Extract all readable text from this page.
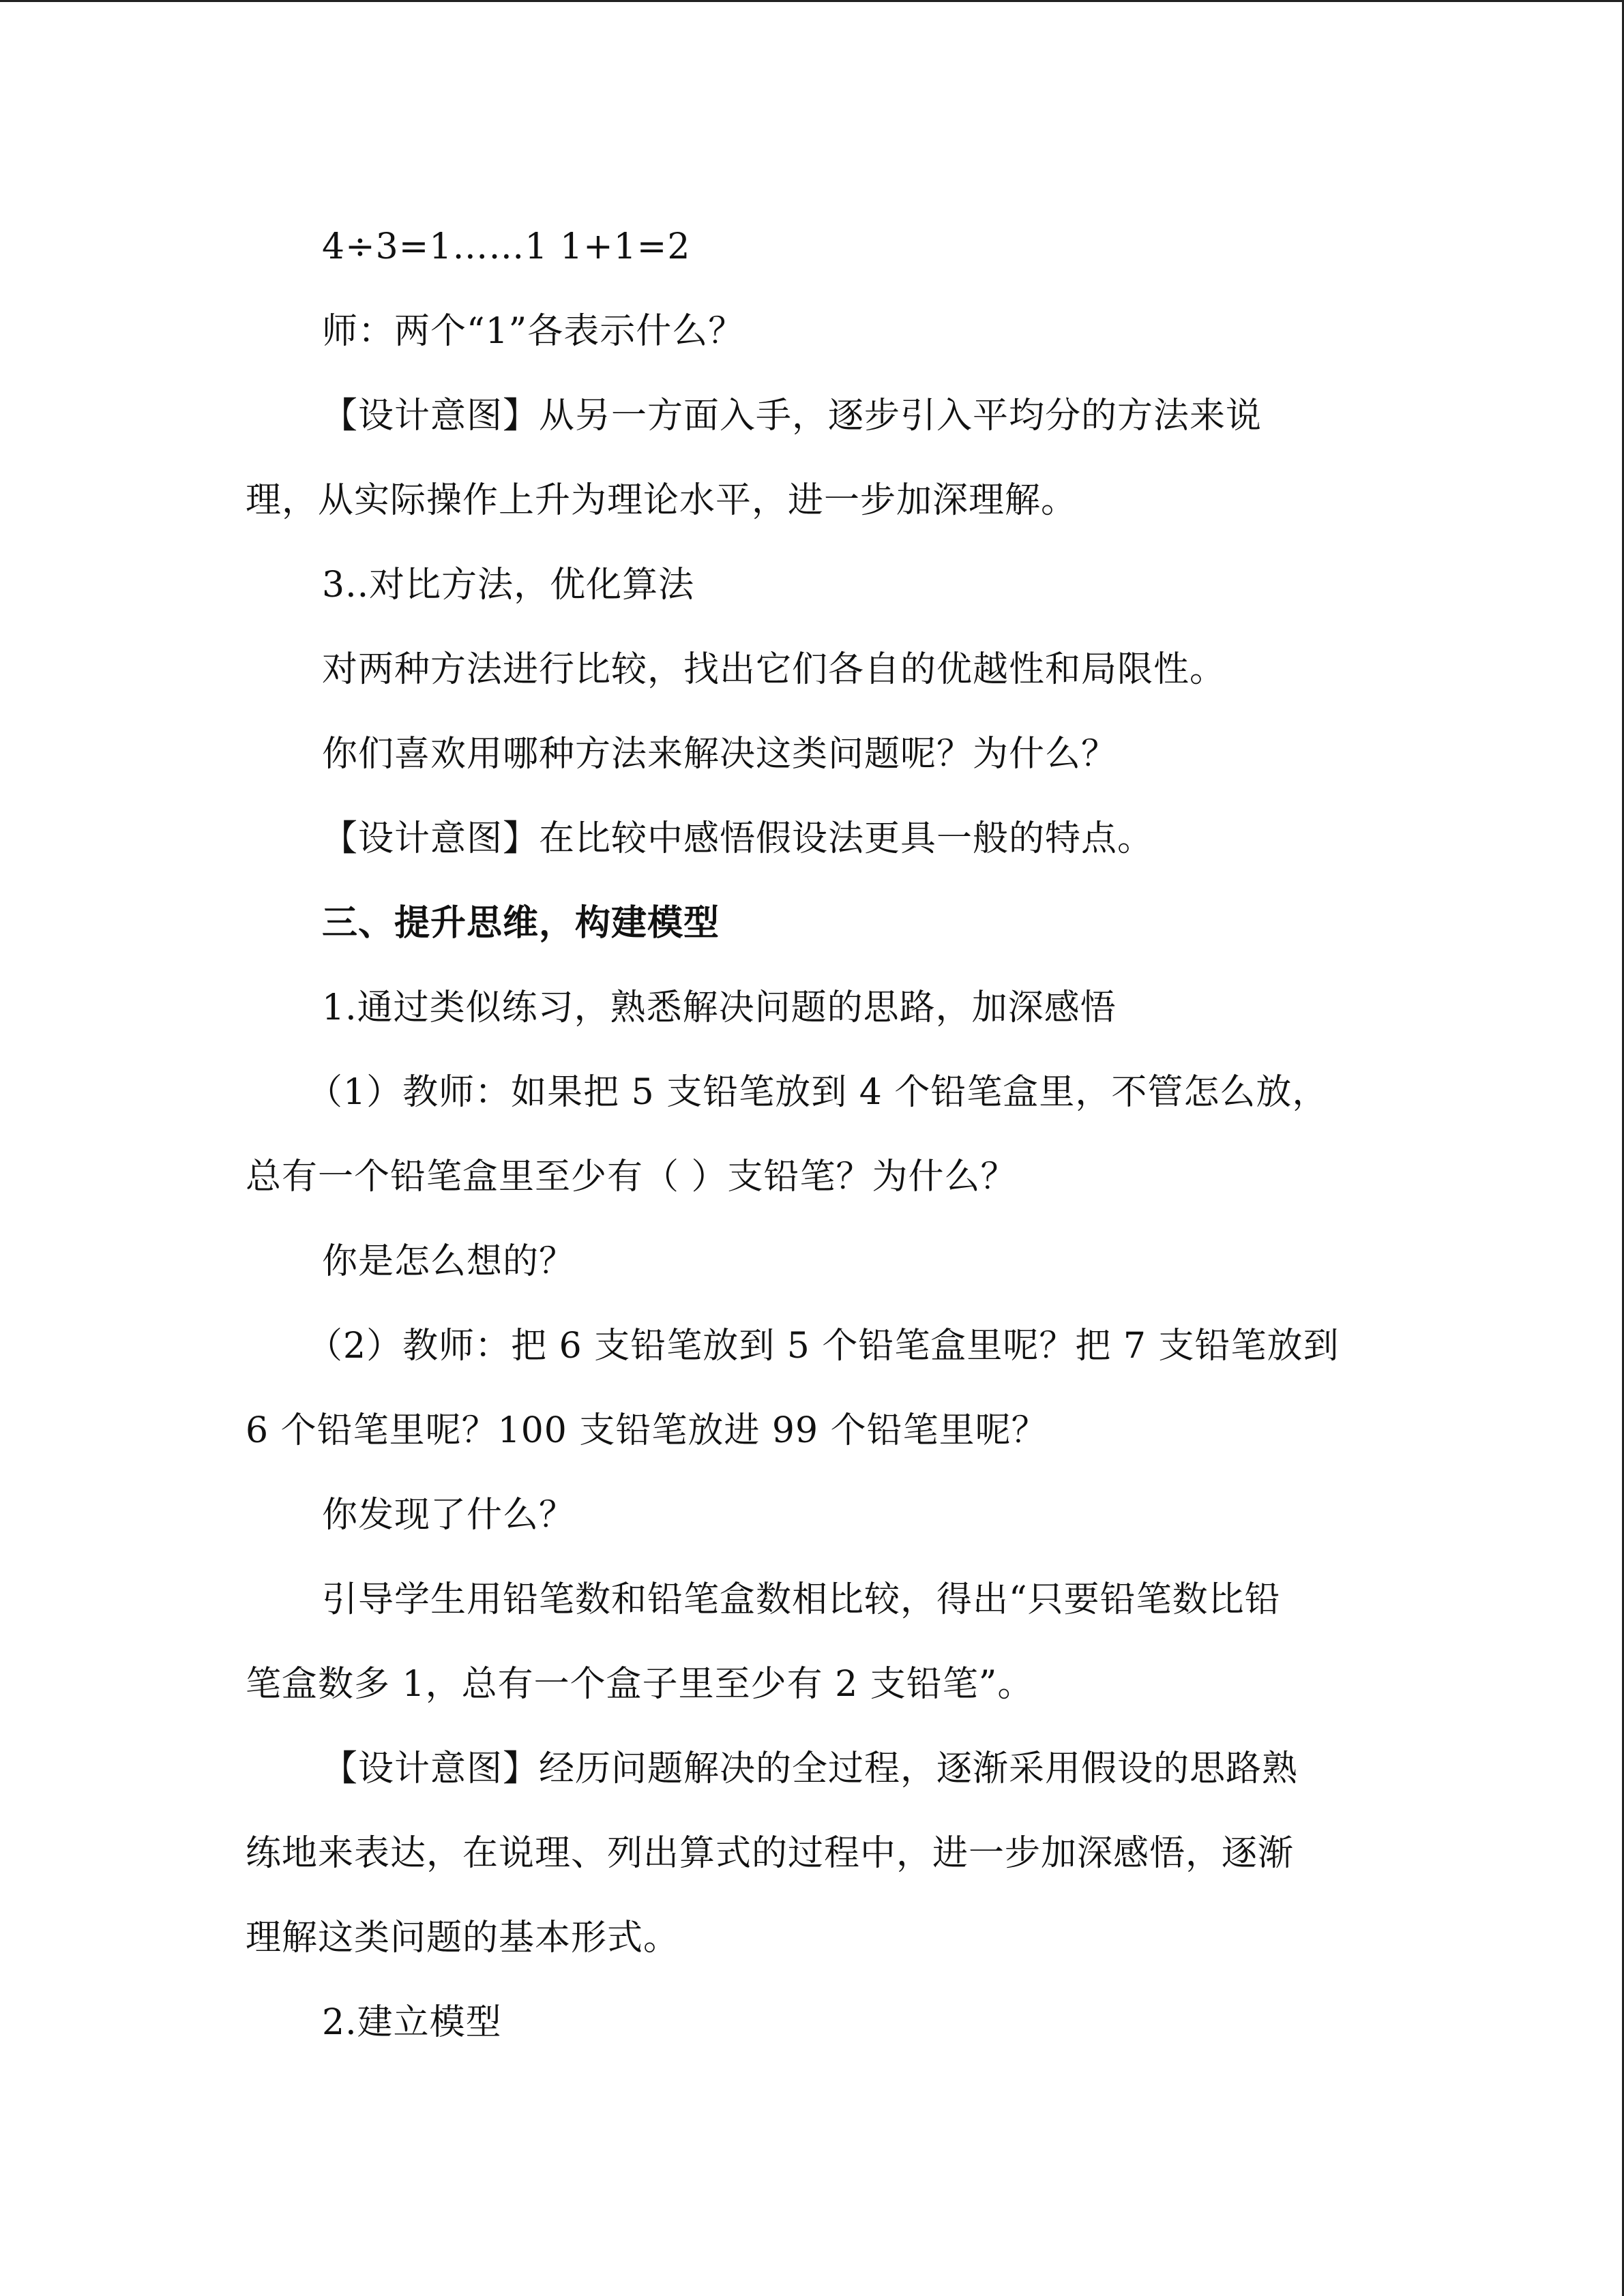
4÷3=1……1 1+1=2
师：两个“1”各表示什么？
【设计意图】从另一方面入手，逐步引入平均分的方法来说
理，从实际操作上升为理论水平，进一步加深理解。
3..对比方法，优化算法
对两种方法进行比较，找出它们各自的优越性和局限性。
你们喜欢用哪种方法来解决这类问题呢？为什么？
【设计意图】在比较中感悟假设法更具一般的特点。
三、提升思维，构建模型
1.通过类似练习，熟悉解决问题的思路，加深感悟
（1）教师：如果把 5 支铅笔放到 4 个铅笔盒里，不管怎么放，
总有一个铅笔盒里至少有（ ）支铅笔？为什么？
你是怎么想的？
（2）教师：把 6 支铅笔放到 5 个铅笔盒里呢？把 7 支铅笔放到
6 个铅笔里呢？100 支铅笔放进 99 个铅笔里呢？
你发现了什么？
引导学生用铅笔数和铅笔盒数相比较，得出“只要铅笔数比铅
笔盒数多 1，总有一个盒子里至少有 2 支铅笔”。
【设计意图】经历问题解决的全过程，逐渐采用假设的思路熟
练地来表达，在说理、列出算式的过程中，进一步加深感悟，逐渐
理解这类问题的基本形式。
2.建立模型
